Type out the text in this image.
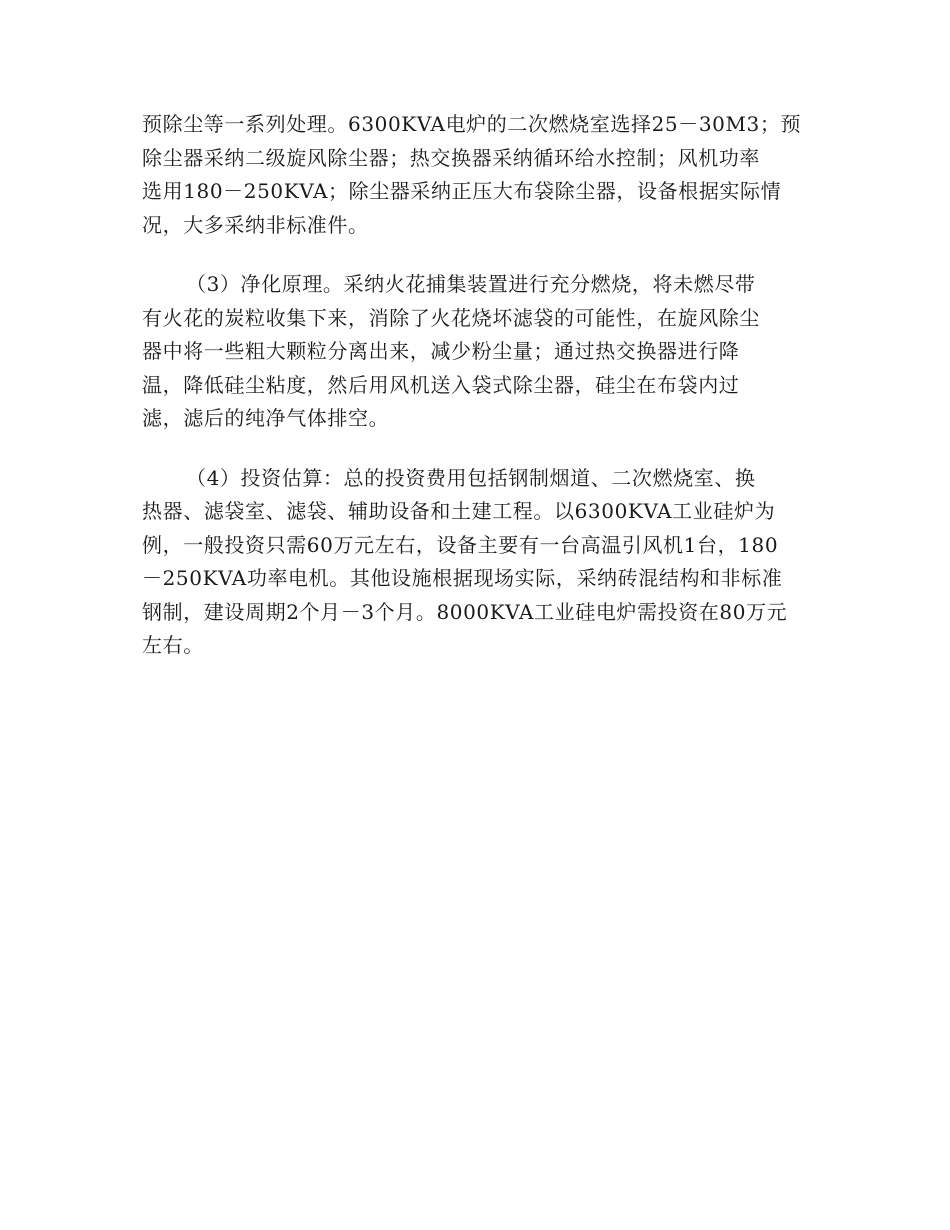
预除尘等一系列处理。6300KVA电炉的二次燃烧室选择25－30M3；预
除尘器采纳二级旋风除尘器；热交换器采纳循环给水控制；风机功率
选用180－250KVA；除尘器采纳正压大布袋除尘器，设备根据实际情
况，大多采纳非标准件。
（3）净化原理。采纳火花捕集装置进行充分燃烧，将未燃尽带
有火花的炭粒收集下来，消除了火花烧坏滤袋的可能性，在旋风除尘
器中将一些粗大颗粒分离出来，减少粉尘量；通过热交换器进行降
温，降低硅尘粘度，然后用风机送入袋式除尘器，硅尘在布袋内过
滤，滤后的纯净气体排空。
（4）投资估算：总的投资费用包括钢制烟道、二次燃烧室、换
热器、滤袋室、滤袋、辅助设备和土建工程。以6300KVA工业硅炉为
例，一般投资只需60万元左右，设备主要有一台高温引风机1台，180
－250KVA功率电机。其他设施根据现场实际，采纳砖混结构和非标准
钢制，建设周期2个月－3个月。8000KVA工业硅电炉需投资在80万元
左右。
